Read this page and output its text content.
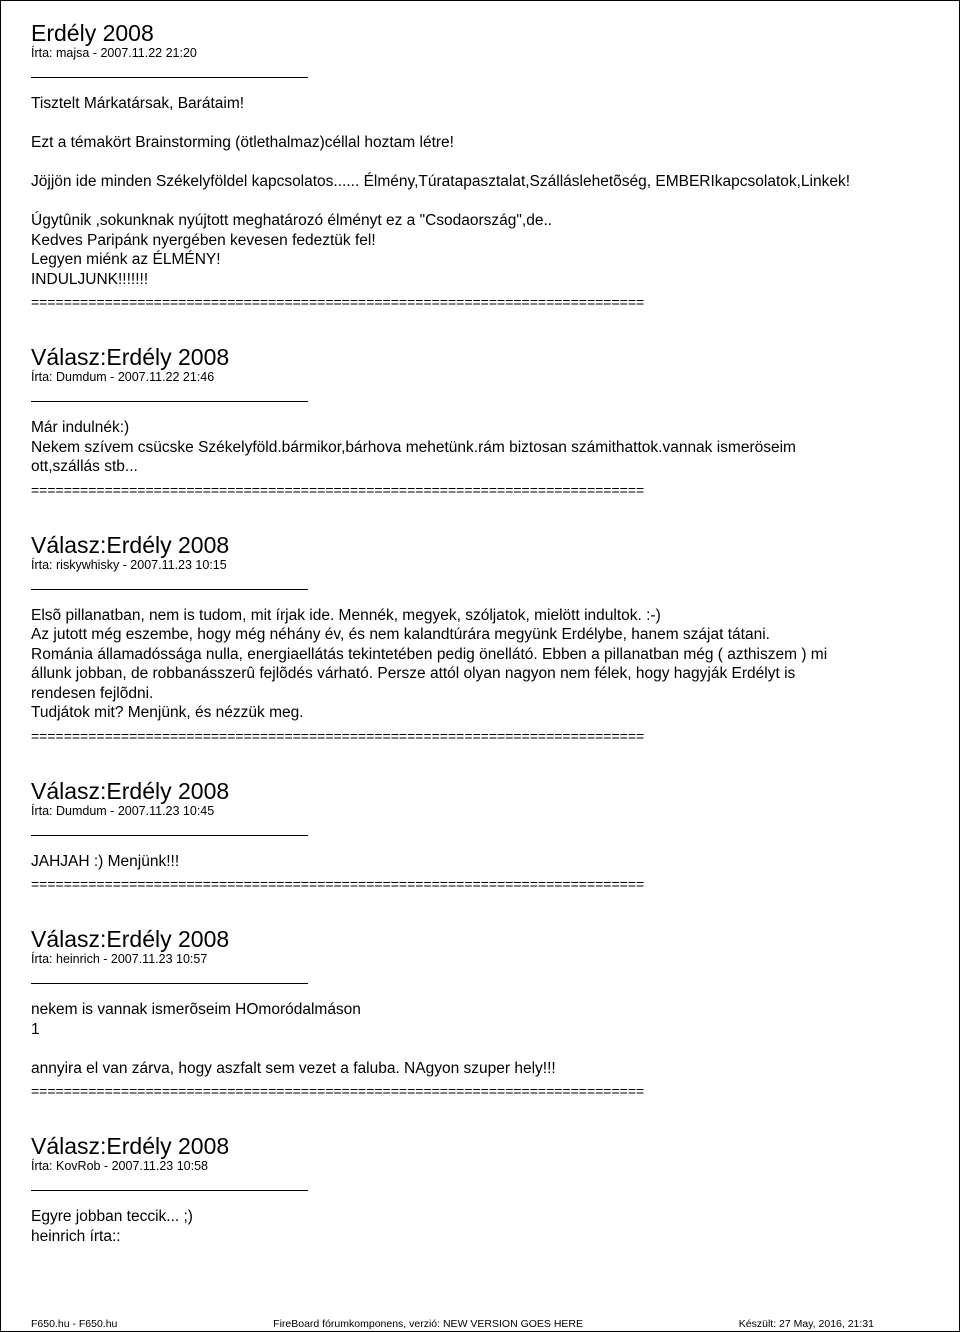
Erdély 2008
Írta: majsa - 2007.11.22 21:20

Tisztelt Márkatársak, Barátaim!

Ezt a témakört Brainstorming (ötlethalmaz)céllal hoztam létre!

Jöjjön ide minden Székelyföldel kapcsolatos...... Élmény,Túratapasztalat,Szálláslehetõség, EMBERIkapcsolatok,Linkek!

Úgytûnik ,sokunknak nyújtott meghatározó élményt ez a "Csodaország",de..

Kedves Paripánk nyergében kevesen fedeztük fel!

Legyen miénk az ÉLMÉNY!

INDULJUNK!!!!!!!

===========================================================================
Válasz:Erdély 2008
Írta: Dumdum - 2007.11.22 21:46

Már indulnék:)

Nekem szívem csücske Székelyföld.bármikor,bárhova mehetünk.rám biztosan számithattok.vannak ismeröseim

ott,szállás stb...

===========================================================================
Válasz:Erdély 2008
Írta: riskywhisky - 2007.11.23 10:15

Elsõ pillanatban, nem is tudom, mit írjak ide. Mennék, megyek, szóljatok, mielött indultok. :-)

Az jutott még eszembe, hogy még néhány év, és nem kalandtúrára megyünk Erdélybe, hanem szájat tátani.

Románia államadóssága nulla, energiaellátás tekintetében pedig önellátó. Ebben a pillanatban még ( azthiszem ) mi

állunk jobban, de robbanásszerû fejlõdés várható. Persze attól olyan nagyon nem félek, hogy hagyják Erdélyt is

rendesen fejlõdni.

Tudjátok mit? Menjünk, és nézzük meg.

===========================================================================
Válasz:Erdély 2008
Írta: Dumdum - 2007.11.23 10:45

JAHJAH :) Menjünk!!!

===========================================================================
Válasz:Erdély 2008
Írta: heinrich - 2007.11.23 10:57

nekem is vannak ismerõseim HOmoródalmáson

1

annyira el van zárva, hogy aszfalt sem vezet a faluba. NAgyon szuper hely!!!

===========================================================================
Válasz:Erdély 2008
Írta: KovRob - 2007.11.23 10:58

Egyre jobban teccik... ;)

heinrich írta::

F650.hu - F650.hu	FireBoard fórumkomponens, verzió: NEW VERSION GOES HERE	Készült: 27 May, 2016, 21:31
